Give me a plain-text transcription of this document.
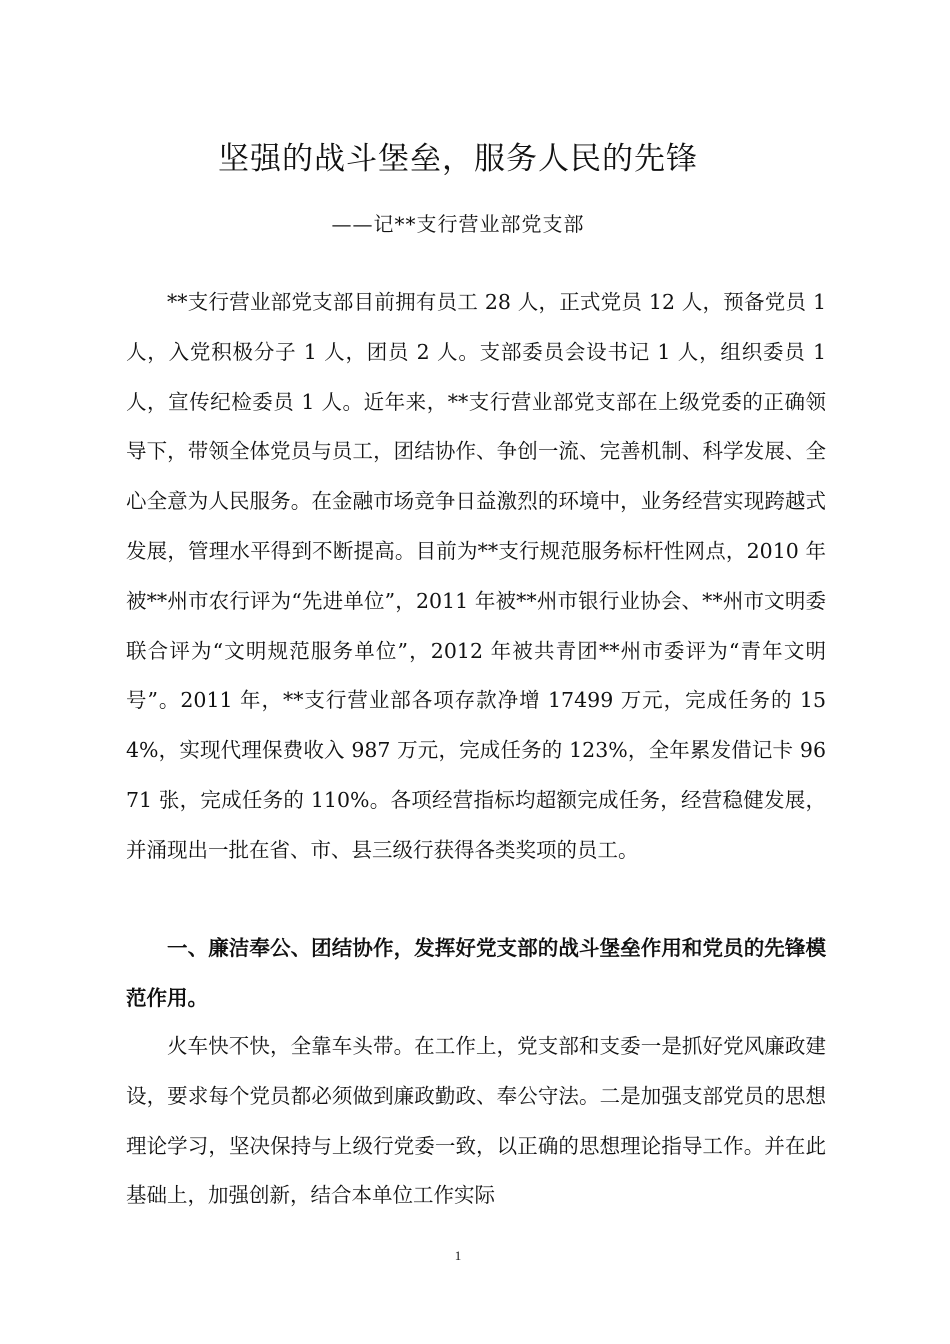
坚强的战斗堡垒，服务人民的先锋

——记**支行营业部党支部

**支行营业部党支部目前拥有员工 28 人，正式党员 12 人，预备党员 1 人，入党积极分子 1 人，团员 2 人。支部委员会设书记 1 人，组织委员 1 人，宣传纪检委员 1 人。近年来，**支行营业部党支部在上级党委的正确领导下，带领全体党员与员工，团结协作、争创一流、完善机制、科学发展、全心全意为人民服务。在金融市场竞争日益激烈的环境中，业务经营实现跨越式发展，管理水平得到不断提高。目前为**支行规范服务标杆性网点，2010 年被**州市农行评为“先进单位”，2011 年被**州市银行业协会、**州市文明委联合评为“文明规范服务单位”，2012 年被共青团**州市委评为“青年文明号”。2011 年，**支行营业部各项存款净增 17499 万元，完成任务的 154%，实现代理保费收入 987 万元，完成任务的 123%，全年累发借记卡 9671 张，完成任务的 110%。各项经营指标均超额完成任务，经营稳健发展，并涌现出一批在省、市、县三级行获得各类奖项的员工。

一、廉洁奉公、团结协作，发挥好党支部的战斗堡垒作用和党员的先锋模范作用。

火车快不快，全靠车头带。在工作上，党支部和支委一是抓好党风廉政建设，要求每个党员都必须做到廉政勤政、奉公守法。二是加强支部党员的思想理论学习，坚决保持与上级行党委一致，以正确的思想理论指导工作。并在此基础上，加强创新，结合本单位工作实际

1
